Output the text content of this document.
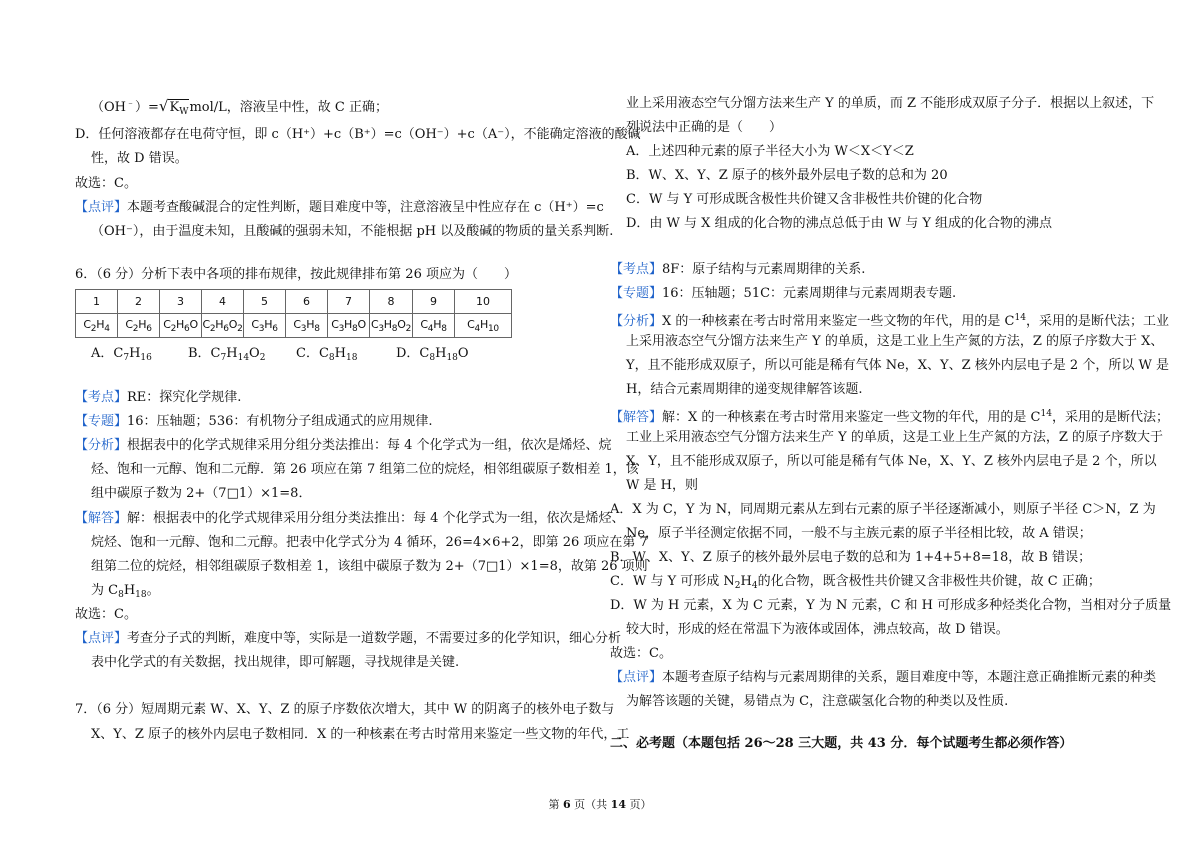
$(OH^﹣)=√K_Wmol/L$，溶液呈中性，故 C 正确；
D．任何溶液都存在电荷守恒，即 c（H⁺）+c（B⁺）=c（OH⁻）+c（A⁻），不能确定溶液的酸碱
性，故 D 错误。
故选：C。
【点评】本题考查酸碱混合的定性判断，题目难度中等，注意溶液呈中性应存在 c（H⁺）=c
（OH⁻），由于温度未知，且酸碱的强弱未知，不能根据 pH 以及酸碱的物质的量关系判断.
6．（6 分）分析下表中各项的排布规律，按此规律排布第 26 项应为（　　）
1	2	3	4	5	6	7	8	9	10
$C_2H_4$	$C_2H_6$	$C_2H_6O$	$C_2H_6O_2$	$C_3H_6$	$C_3H_8$	$C_3H_8O$	$C_3H_8O_2$	$C_4H_8$	$C_4H_{10}$
A．$C_7H_{16}$	B．$C_7H_{14}O_2$ C．$C_8H_{18}$	D．$C_8H_{18}O$
【考点】RE：探究化学规律.
【专题】16：压轴题；536：有机物分子组成通式的应用规律.
【分析】根据表中的化学式规律采用分组分类法推出：每 4 个化学式为一组，依次是烯烃、烷
烃、饱和一元醇、饱和二元醇．第 26 项应在第 7 组第二位的烷烃，相邻组碳原子数相差 1，该
组中碳原子数为 2+（7□1）×1=8．
【解答】解：根据表中的化学式规律采用分组分类法推出：每 4 个化学式为一组，依次是烯烃、
烷烃、饱和一元醇、饱和二元醇。把表中化学式分为 4 循环，26=4×6+2，即第 26 项应在第 7
组第二位的烷烃，相邻组碳原子数相差 1，该组中碳原子数为 2+（7□1）×1=8，故第 26 项则
为 $C_8H_{18}$。
故选：C。
【点评】考查分子式的判断，难度中等，实际是一道数学题，不需要过多的化学知识，细心分析
表中化学式的有关数据，找出规律，即可解题，寻找规律是关键.
7．（6 分）短周期元素 W、X、Y、Z 的原子序数依次增大，其中 W 的阴离子的核外电子数与
X、Y、Z 原子的核外内层电子数相同．X 的一种核素在考古时常用来鉴定一些文物的年代，工
业上采用液态空气分馏方法来生产 Y 的单质，而 Z 不能形成双原子分子．根据以上叙述，下
列说法中正确的是（　　）
A．上述四种元素的原子半径大小为 W＜X＜Y＜Z
B．W、X、Y、Z 原子的核外最外层电子数的总和为 20
C．W 与 Y 可形成既含极性共价键又含非极性共价键的化合物
D．由 W 与 X 组成的化合物的沸点总低于由 W 与 Y 组成的化合物的沸点
【考点】8F：原子结构与元素周期律的关系.
【专题】16：压轴题；51C：元素周期律与元素周期表专题.
【分析】X 的一种核素在考古时常用来鉴定一些文物的年代，用的是 $C^{14}$，采用的是断代法；工业
上采用液态空气分馏方法来生产 Y 的单质，这是工业上生产氮的方法，Z 的原子序数大于 X、
Y，且不能形成双原子，所以可能是稀有气体 Ne，X、Y、Z 核外内层电子是 2 个，所以 W 是
H，结合元素周期律的递变规律解答该题.
【解答】解：X 的一种核素在考古时常用来鉴定一些文物的年代，用的是 $C^{14}$，采用的是断代法；
工业上采用液态空气分馏方法来生产 Y 的单质，这是工业上生产氮的方法，Z 的原子序数大于
X、Y，且不能形成双原子，所以可能是稀有气体 Ne，X、Y、Z 核外内层电子是 2 个，所以
W 是 H，则
A．X 为 C，Y 为 N，同周期元素从左到右元素的原子半径逐渐减小，则原子半径 C＞N，Z 为
Ne，原子半径测定依据不同，一般不与主族元素的原子半径相比较，故 A 错误；
B．W、X、Y、Z 原子的核外最外层电子数的总和为 1+4+5+8=18，故 B 错误；
C．W 与 Y 可形成 $N_2H_4$的化合物，既含极性共价键又含非极性共价键，故 C 正确；
D．W 为 H 元素，X 为 C 元素，Y 为 N 元素，C 和 H 可形成多种烃类化合物，当相对分子质量
较大时，形成的烃在常温下为液体或固体，沸点较高，故 D 错误。
故选：C。
【点评】本题考查原子结构与元素周期律的关系，题目难度中等，本题注意正确推断元素的种类
为解答该题的关键，易错点为 C，注意碳氢化合物的种类以及性质.
二、必考题（本题包括 26～28 三大题，共 43 分．每个试题考生都必须作答）
第 6 页（共 14 页）
